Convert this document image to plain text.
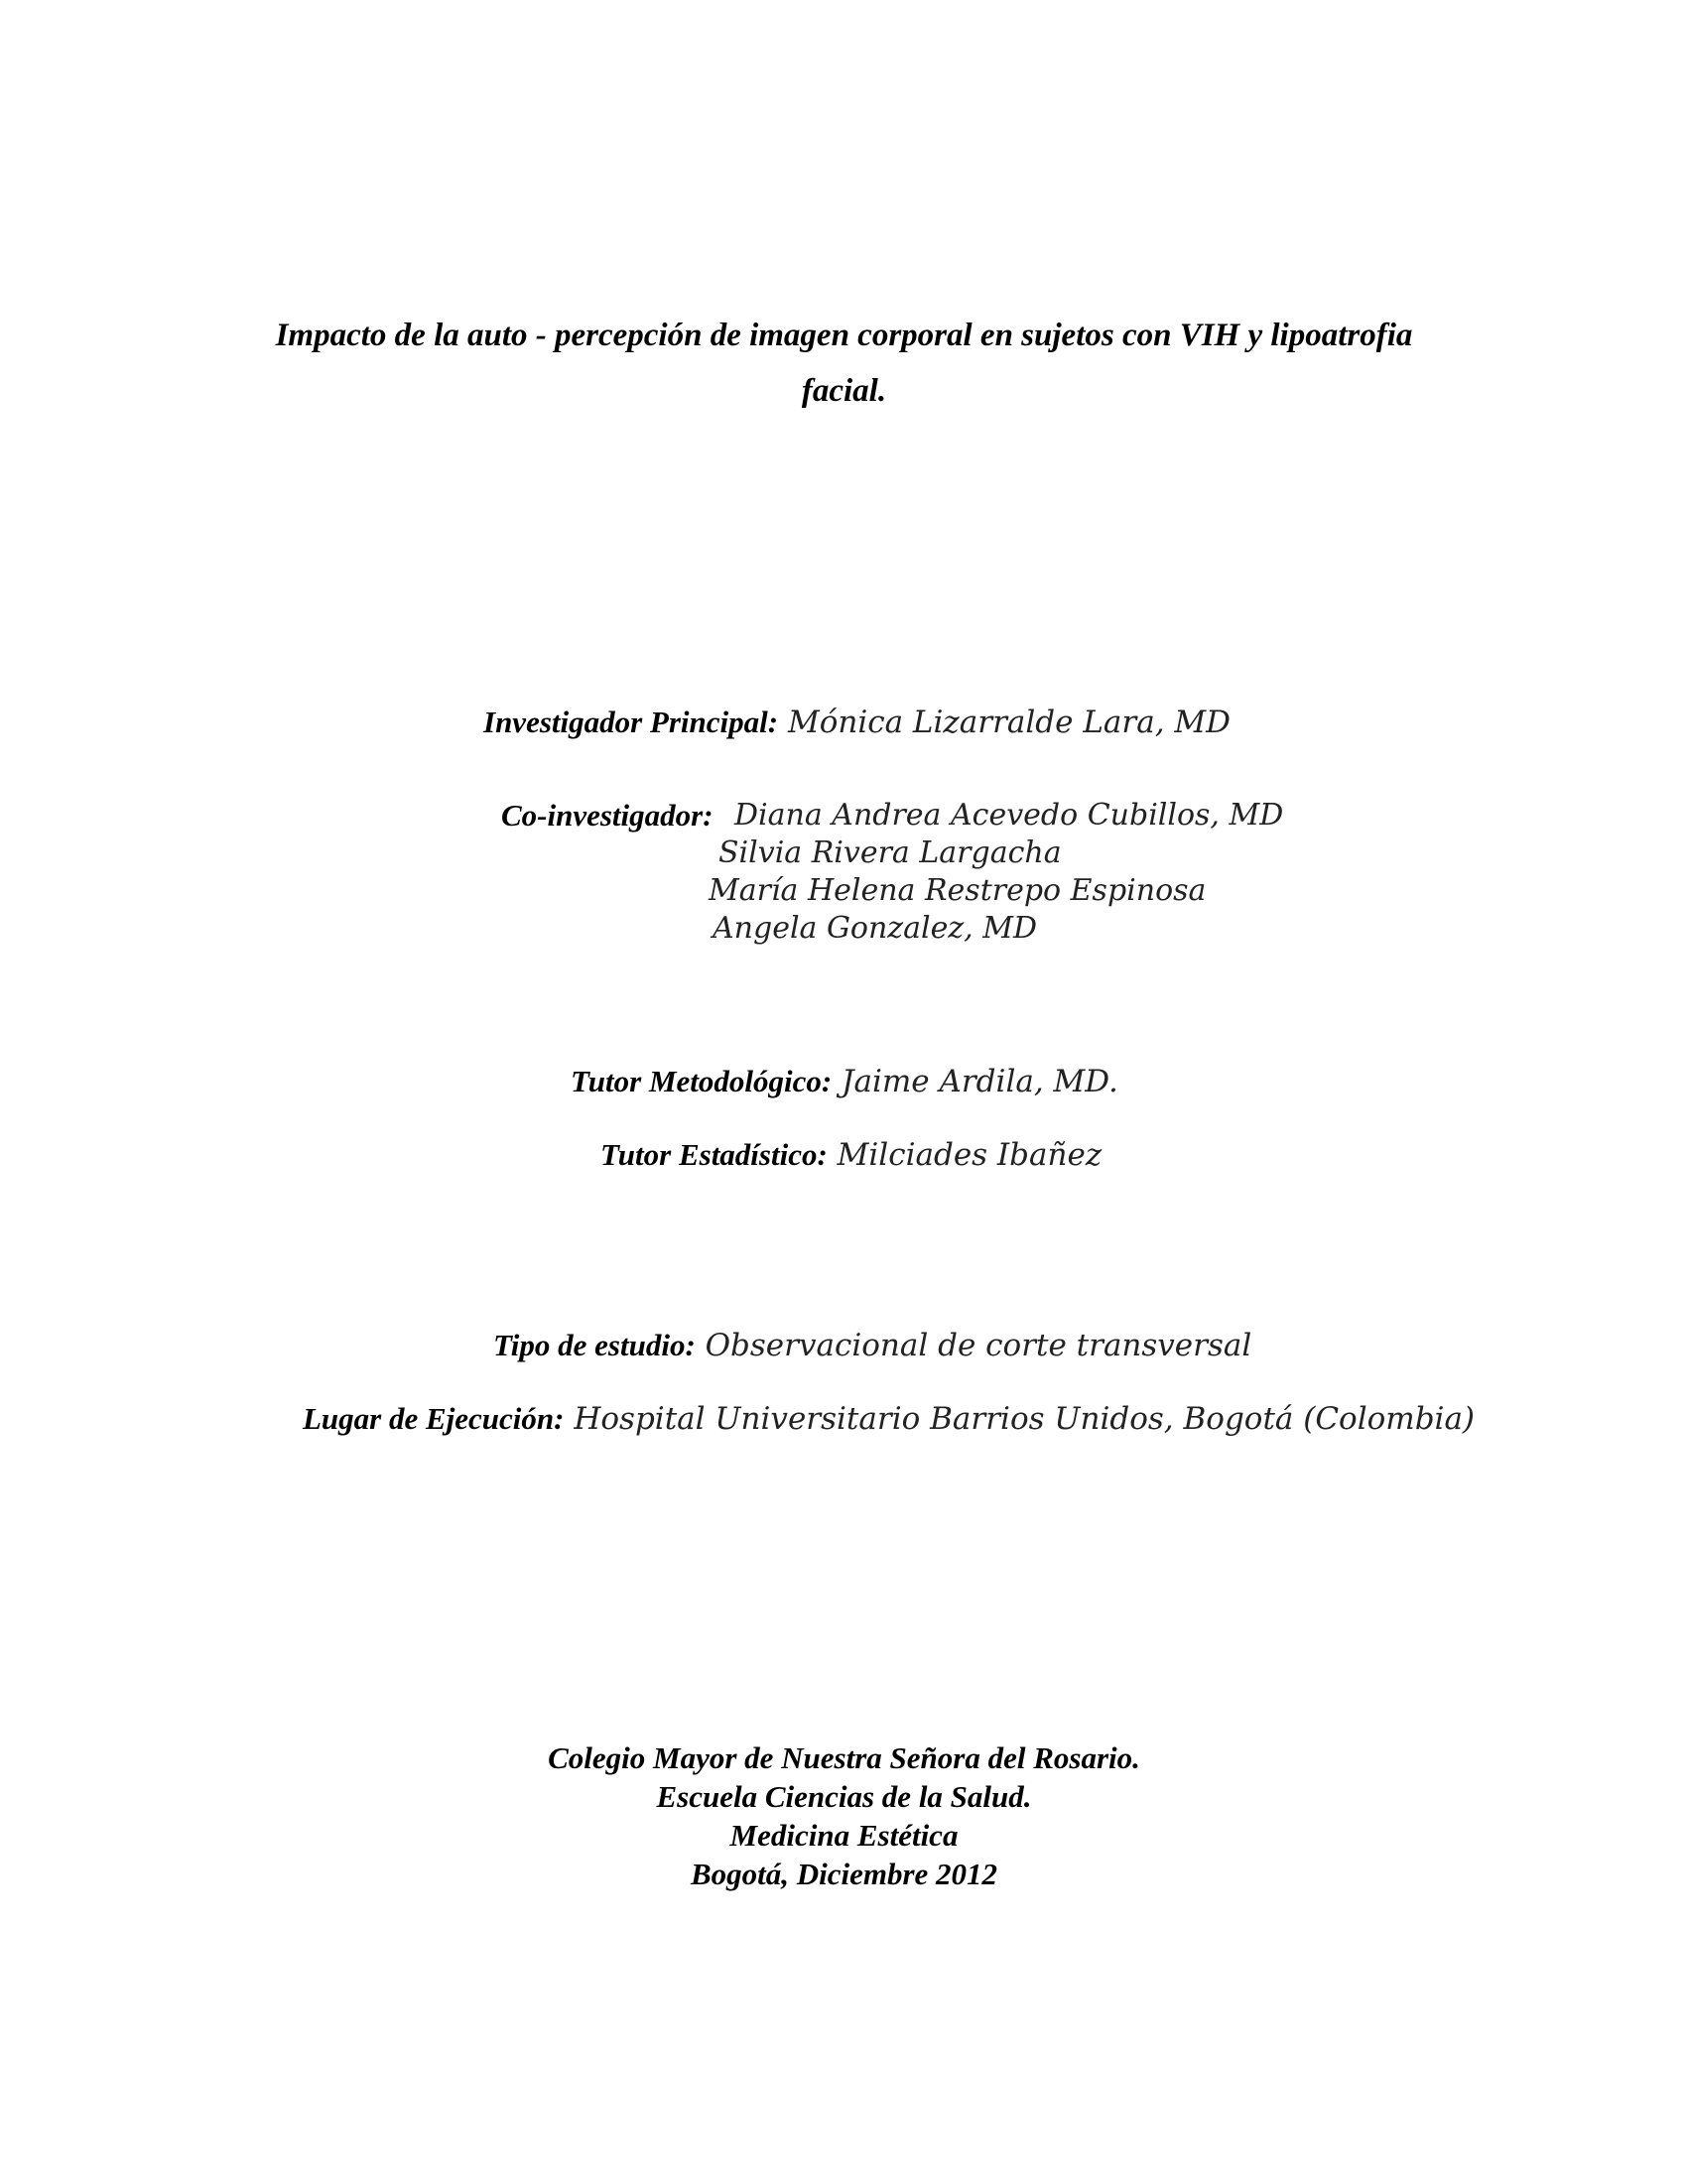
Impacto de la auto - percepción de imagen corporal en sujetos con VIH y lipoatrofia
facial.
Investigador Principal: Mónica Lizarralde Lara, MD
Co-investigador: Diana Andrea Acevedo Cubillos, MD
Silvia Rivera Largacha
María Helena Restrepo Espinosa
Angela Gonzalez, MD
Tutor Metodológico: Jaime Ardila, MD.
Tutor Estadístico: Milciades Ibañez
Tipo de estudio: Observacional de corte transversal
Lugar de Ejecución: Hospital Universitario Barrios Unidos, Bogotá (Colombia)
Colegio Mayor de Nuestra Señora del Rosario.
Escuela Ciencias de la Salud.
Medicina Estética
Bogotá, Diciembre 2012
